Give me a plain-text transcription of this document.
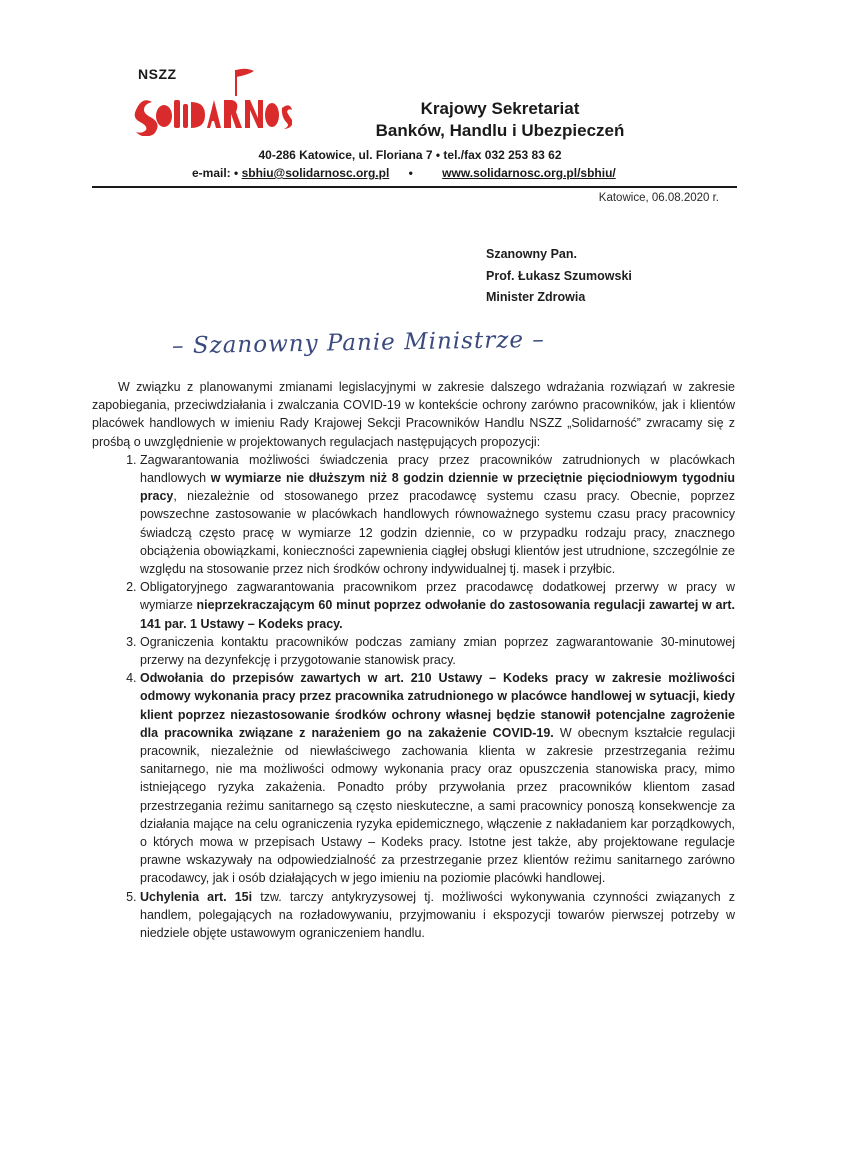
NSZZ
Krajowy Sekretariat
Banków, Handlu i Ubezpieczeń
40-286 Katowice, ul. Floriana 7 • tel./fax 032 253 83 62
e-mail: • sbhiu@solidarnosc.org.pl • www.solidarnosc.org.pl/sbhiu/
Katowice, 06.08.2020 r.
Szanowny Pan.
Prof. Łukasz Szumowski
Minister Zdrowia
– Szanowny Panie Ministrze –

W związku z planowanymi zmianami legislacyjnymi w zakresie dalszego wdrażania rozwiązań w zakresie zapobiegania, przeciwdziałania i zwalczania COVID-19 w kontekście ochrony zarówno pracowników, jak i klientów placówek handlowych w imieniu Rady Krajowej Sekcji Pracowników Handlu NSZZ „Solidarność” zwracamy się z prośbą o uwzględnienie w projektowanych regulacjach następujących propozycji:

1. Zagwarantowania możliwości świadczenia pracy przez pracowników zatrudnionych w placówkach handlowych w wymiarze nie dłuższym niż 8 godzin dziennie w przeciętnie pięciodniowym tygodniu pracy, niezależnie od stosowanego przez pracodawcę systemu czasu pracy. Obecnie, poprzez powszechne zastosowanie w placówkach handlowych równoważnego systemu czasu pracy pracownicy świadczą często pracę w wymiarze 12 godzin dziennie, co w przypadku rodzaju pracy, znacznego obciążenia obowiązkami, konieczności zapewnienia ciągłej obsługi klientów jest utrudnione, szczególnie ze względu na stosowanie przez nich środków ochrony indywidualnej tj. masek i przyłbic.
2. Obligatoryjnego zagwarantowania pracownikom przez pracodawcę dodatkowej przerwy w pracy w wymiarze nieprzekraczającym 60 minut poprzez odwołanie do zastosowania regulacji zawartej w art. 141 par. 1 Ustawy – Kodeks pracy.
3. Ograniczenia kontaktu pracowników podczas zamiany zmian poprzez zagwarantowanie 30-minutowej przerwy na dezynfekcję i przygotowanie stanowisk pracy.
4. Odwołania do przepisów zawartych w art. 210 Ustawy – Kodeks pracy w zakresie możliwości odmowy wykonania pracy przez pracownika zatrudnionego w placówce handlowej w sytuacji, kiedy klient poprzez niezastosowanie środków ochrony własnej będzie stanowił potencjalne zagrożenie dla pracownika związane z narażeniem go na zakażenie COVID-19. W obecnym kształcie regulacji pracownik, niezależnie od niewłaściwego zachowania klienta w zakresie przestrzegania reżimu sanitarnego, nie ma możliwości odmowy wykonania pracy oraz opuszczenia stanowiska pracy, mimo istniejącego ryzyka zakażenia. Ponadto próby przywołania przez pracowników klientom zasad przestrzegania reżimu sanitarnego są często nieskuteczne, a sami pracownicy ponoszą konsekwencje za działania mające na celu ograniczenia ryzyka epidemicznego, włączenie z nakładaniem kar porządkowych, o których mowa w przepisach Ustawy – Kodeks pracy. Istotne jest także, aby projektowane regulacje prawne wskazywały na odpowiedzialność za przestrzeganie przez klientów reżimu sanitarnego zarówno pracodawcy, jak i osób działających w jego imieniu na poziomie placówki handlowej.
5. Uchylenia art. 15i tzw. tarczy antykryzysowej tj. możliwości wykonywania czynności związanych z handlem, polegających na rozładowywaniu, przyjmowaniu i ekspozycji towarów pierwszej potrzeby w niedziele objęte ustawowym ograniczeniem handlu.
